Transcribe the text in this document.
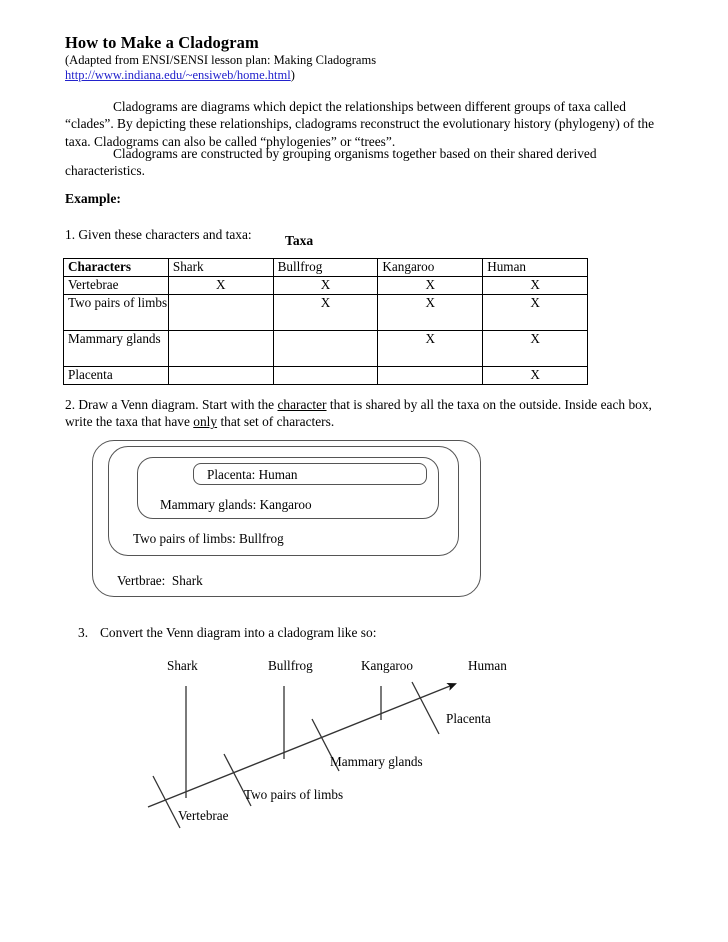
How to Make a Cladogram
(Adapted from ENSI/SENSI lesson plan: Making Cladograms
http://www.indiana.edu/~ensiweb/home.html)
Cladograms are diagrams which depict the relationships between different groups of taxa called “clades”. By depicting these relationships, cladograms reconstruct the evolutionary history (phylogeny) of the taxa. Cladograms can also be called “phylogenies” or “trees”.
Cladograms are constructed by grouping organisms together based on their shared derived characteristics.
Example:
1. Given these characters and taxa: Taxa
Characters	Shark	Bullfrog	Kangaroo	Human
Vertebrae	X	X	X	X
Two pairs of limbs		X	X	X
Mammary glands			X	X
Placenta				X
2. Draw a Venn diagram. Start with the character that is shared by all the taxa on the outside. Inside each box, write the taxa that have only that set of characters.
Placenta: Human
Mammary glands: Kangaroo
Two pairs of limbs: Bullfrog
Vertbrae:  Shark
3. Convert the Venn diagram into a cladogram like so:
Shark	Bullfrog	Kangaroo	Human
Placenta
Mammary glands
Two pairs of limbs
Vertebrae
